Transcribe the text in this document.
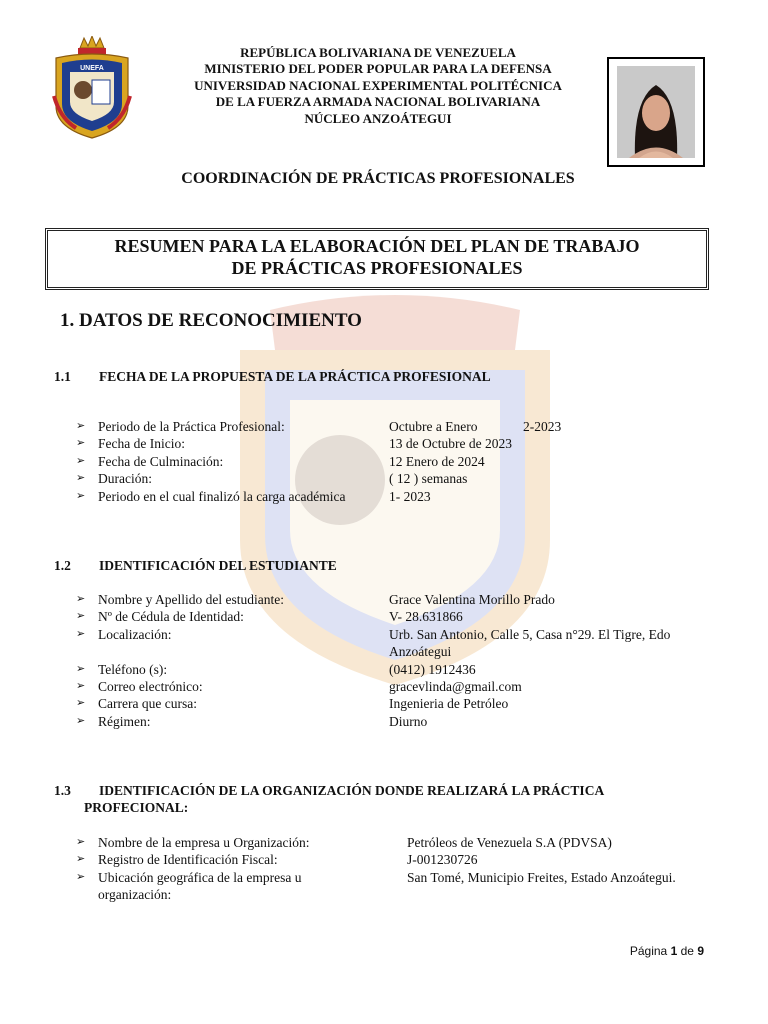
UNEFA
REPÚBLICA BOLIVARIANA DE VENEZUELA
MINISTERIO DEL PODER POPULAR PARA LA DEFENSA
UNIVERSIDAD NACIONAL EXPERIMENTAL POLITÉCNICA
DE LA FUERZA ARMADA NACIONAL BOLIVARIANA
NÚCLEO ANZOÁTEGUI
COORDINACIÓN DE PRÁCTICAS PROFESIONALES
RESUMEN PARA LA ELABORACIÓN DEL PLAN DE TRABAJO
DE PRÁCTICAS PROFESIONALES
1. DATOS DE RECONOCIMIENTO
1.1 FECHA DE LA PROPUESTA DE LA PRÁCTICA PROFESIONAL
➢ Periodo de la Práctica Profesional:	Octubre a Enero	2-2023
➢ Fecha de Inicio:	13 de Octubre de 2023
➢ Fecha de Culminación:	12 Enero de 2024
➢ Duración:	( 12 ) semanas
➢ Periodo en el cual finalizó la carga académica	1- 2023
1.2 IDENTIFICACIÓN DEL ESTUDIANTE
➢ Nombre y Apellido del estudiante:	Grace Valentina Morillo Prado
➢ Nº de Cédula de Identidad:	V- 28.631866
➢ Localización:	Urb. San Antonio, Calle 5, Casa n°29. El Tigre, Edo
Anzoátegui
➢ Teléfono (s):	(0412) 1912436
➢ Correo electrónico:	gracevlinda@gmail.com
➢ Carrera que cursa:	Ingenieria de Petróleo
➢ Régimen:	Diurno
1.3 IDENTIFICACIÓN DE LA ORGANIZACIÓN DONDE REALIZARÁ LA PRÁCTICA
PROFECIONAL:
➢ Nombre de la empresa u Organización:	Petróleos de Venezuela S.A (PDVSA)
➢ Registro de Identificación Fiscal:	J-001230726
➢ Ubicación geográfica de la empresa u	San Tomé, Municipio Freites, Estado Anzoátegui.
organización:
Página 1 de 9
